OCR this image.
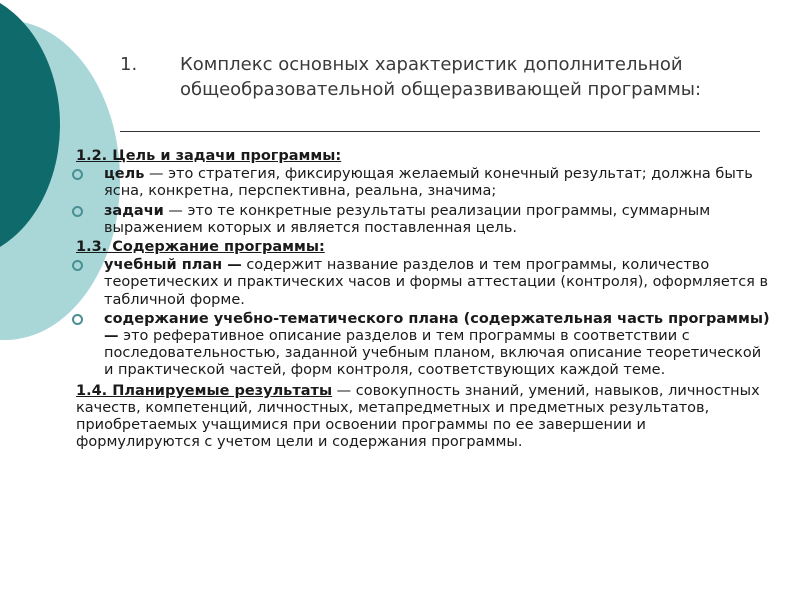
1.	Комплекс основных характеристик дополнительной общеобразовательной общеразвивающей программы:

1.2. Цель и задачи программы:

цель — это стратегия, фиксирующая желаемый конечный результат; должна быть ясна, конкретна, перспективна, реальна, значима;
задачи — это те конкретные результаты реализации программы, суммарным выражением которых и является поставленная цель.

1.3. Содержание программы:

учебный план — содержит название разделов и тем программы, количество теоретических и практических часов и формы аттестации (контроля), оформляется в табличной форме.
содержание учебно-тематического плана (содержательная часть программы)— это реферативное описание разделов и тем программы в соответствии с последовательностью, заданной учебным планом, включая описание теоретической и практической частей, форм контроля, соответствующих каждой теме.

1.4. Планируемые результаты — совокупность знаний, умений, навыков, личностных качеств, компетенций, личностных, метапредметных и предметных результатов, приобретаемых учащимися при освоении программы по ее завершении и формулируются с учетом цели и содержания программы.
